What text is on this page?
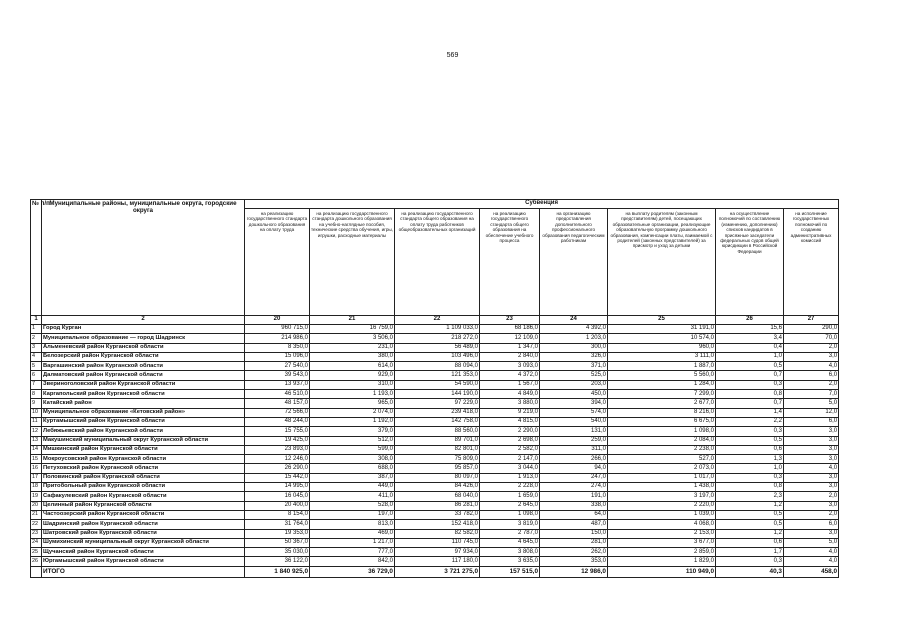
569
№ п/п	Муниципальные районы, муниципальные округа, городские округа	Субвенция							
		на реализацию государственного стандарта дошкольного образования на оплату труда	на реализацию государственного стандарта дошкольного образования на учебно-наглядные пособия, технические средства обучения, игры, игрушки, расходные материалы	на реализацию государственного стандарта общего образования на оплату труда работников общеобразовательных организаций	на реализацию государственного стандарта общего образования на обеспечение учебного процесса	на организацию предоставления дополнительного профессионального образования педагогическим работникам	на выплату родителям (законным представителям) детей, посещающих образовательные организации, реализующие образовательную программу дошкольного образования, компенсации платы, взимаемой с родителей (законных представителей) за присмотр и уход за детьми	на осуществление полномочий по составлению (изменению, дополнению) списков кандидатов в присяжные заседатели федеральных судов общей юрисдикции в Российской Федерации	на исполнение государственных полномочий по созданию административных комиссий
1	2	20	21	22	23	24	25	26	27
1	Город Курган	960 715,0	16 759,0	1 109 033,0	68 186,0	4 392,0	31 191,0	15,6	290,0
2	Муниципальное образование — город Шадринск	214 986,0	3 506,0	218 272,0	12 109,0	1 203,0	10 574,0	3,4	70,0
3	Альменевский район Курганской области	8 350,0	231,0	56 489,0	1 347,0	300,0	960,0	0,4	2,0
4	Белозерский район Курганской области	15 096,0	380,0	103 496,0	2 840,0	326,0	3 111,0	1,0	3,0
5	Варгашинский район Курганской области	27 540,0	614,0	88 094,0	3 093,0	371,0	1 887,0	0,5	4,0
6	Далматовский район Курганской области	39 543,0	929,0	121 353,0	4 372,0	525,0	5 560,0	0,7	6,0
7	Звериноголовский район Курганской области	13 937,0	310,0	54 590,0	1 567,0	203,0	1 284,0	0,3	2,0
8	Каргапольский район Курганской области	46 510,0	1 193,0	144 190,0	4 849,0	450,0	7 299,0	0,8	7,0
9	Катайский район	48 157,0	965,0	97 229,0	3 880,0	394,0	2 677,0	0,7	5,0
10	Муниципальное образование «Кетовский район»	72 566,0	2 074,0	239 418,0	9 219,0	574,0	8 216,0	1,4	12,0
11	Куртамышский район Курганской области	48 244,0	1 192,0	142 758,0	4 815,0	540,0	6 675,0	2,2	6,0
12	Лебяжьевский район Курганской области	15 755,0	379,0	88 560,0	2 290,0	131,0	1 098,0	0,3	3,0
13	Макушинский муниципальный округ Курганской области	19 425,0	512,0	89 701,0	2 698,0	259,0	2 084,0	0,5	3,0
14	Мишкинский район Курганской области	23 893,0	599,0	82 801,0	2 582,0	311,0	2 238,0	0,6	3,0
15	Мокроусовский район Курганской области	12 246,0	308,0	75 809,0	2 147,0	266,0	527,0	1,3	3,0
16	Петуховский район Курганской области	26 290,0	688,0	95 857,0	3 044,0	94,0	2 073,0	1,0	4,0
17	Половинский район Курганской области	15 442,0	387,0	80 097,0	1 913,0	247,0	1 017,0	0,3	3,0
18	Притобольный район Курганской области	14 995,0	449,0	84 426,0	2 228,0	274,0	1 438,0	0,8	3,0
19	Сафакулевский район Курганской области	16 045,0	411,0	68 040,0	1 659,0	191,0	3 197,0	2,3	2,0
20	Целинный район Курганской области	20 400,0	528,0	86 281,0	2 645,0	338,0	2 220,0	1,2	3,0
21	Частоозерский район Курганской области	8 154,0	197,0	33 782,0	1 098,0	64,0	1 039,0	0,5	2,0
22	Шадринский район Курганской области	31 764,0	813,0	152 418,0	3 819,0	487,0	4 068,0	0,5	6,0
23	Шатровский район Курганской области	19 353,0	469,0	82 582,0	2 787,0	150,0	2 153,0	1,2	3,0
24	Шумихинский муниципальный округ Курганской области	50 367,0	1 217,0	110 745,0	4 645,0	281,0	3 677,0	0,6	5,0
25	Щучанский район Курганской области	35 030,0	777,0	97 934,0	3 808,0	262,0	2 859,0	1,7	4,0
26	Юргамышский район Курганской области	36 122,0	842,0	117 180,0	3 635,0	353,0	1 829,0	0,3	4,0
	ИТОГО	1 840 925,0	36 729,0	3 721 275,0	157 515,0	12 986,0	110 949,0	40,3	458,0
